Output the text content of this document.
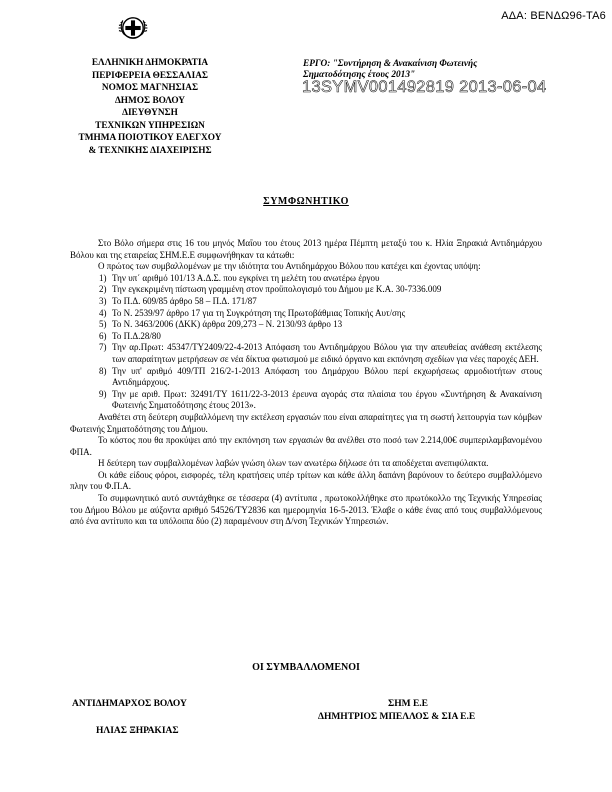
ΑΔΑ: ΒΕΝΔΩ96-ΤΑ6
ΕΛΛΗΝΙΚΗ ΔΗΜΟΚΡΑΤΙΑ
ΠΕΡΙΦΕΡΕΙΑ ΘΕΣΣΑΛΙΑΣ
ΝΟΜΟΣ ΜΑΓΝΗΣΙΑΣ
ΔΗΜΟΣ ΒΟΛΟΥ
ΔΙΕΥΘΥΝΣΗ
ΤΕΧΝΙΚΩΝ ΥΠΗΡΕΣΙΩΝ
ΤΜΗΜΑ ΠΟΙΟΤΙΚΟΥ ΕΛΕΓΧΟΥ
& ΤΕΧΝΙΚΗΣ ΔΙΑΧΕΙΡΙΣΗΣ
ΕΡΓΟ: "Συντήρηση & Ανακαίνιση Φωτεινής
Σηματοδότησης έτους 2013"
13SYMV001492819 2013-06-04
ΣΥΜΦΩΝΗΤΙΚΟ

Στο Βόλο σήμερα στις 16 του μηνός Μαΐου του έτους 2013 ημέρα Πέμπτη μεταξύ του κ. Ηλία Ξηρακιά Αντιδημάρχου Βόλου και της εταιρείας ΣΗΜ.Ε.Ε συμφωνήθηκαν τα κάτωθι:

Ο πρώτος των συμβαλλομένων με την ιδιότητα του Αντιδημάρχου Βόλου που κατέχει και έχοντας υπόψη:

1) Την υπ΄ αριθμό 101/13 Α.Δ.Σ. που εγκρίνει τη μελέτη του ανωτέρω έργου
2) Την εγκεκριμένη πίστωση γραμμένη στον προϋπολογισμό του Δήμου με Κ.Α. 30-7336.009
3) Το Π.Δ. 609/85 άρθρο 58 – Π.Δ. 171/87
4) Το Ν. 2539/97 άρθρο 17 για τη Συγκρότηση της Πρωτοβάθμιας Τοπικής Αυτ/σης
5) Το Ν. 3463/2006 (ΔΚΚ) άρθρα 209,273 – Ν. 2130/93 άρθρο 13
6) Το Π.Δ.28/80
7) Την αρ.Πρωτ: 45347/ΤΥ2409/22-4-2013 Απόφαση του Αντιδημάρχου Βόλου για την απευθείας ανάθεση εκτέλεσης των απαραίτητων μετρήσεων σε νέα δίκτυα φωτισμού με ειδικό όργανο και εκπόνηση σχεδίων για νέες παροχές ΔΕΗ.
8) Την υπ' αριθμό 409/ΤΠ 216/2-1-2013 Απόφαση του Δημάρχου Βόλου περί εκχωρήσεως αρμοδιοτήτων στους Αντιδημάρχους.
9) Την με αριθ. Πρωτ: 32491/ΤΥ 1611/22-3-2013 έρευνα αγοράς στα πλαίσια του έργου «Συντήρηση & Ανακαίνιση Φωτεινής Σηματοδότησης έτους 2013».

Αναθέτει στη δεύτερη συμβαλλόμενη την εκτέλεση εργασιών που είναι απαραίτητες για τη σωστή λειτουργία των κόμβων Φωτεινής Σηματοδότησης του Δήμου.

Το κόστος που θα προκύψει από την εκπόνηση των εργασιών θα ανέλθει στο ποσό των 2.214,00€ συμπεριλαμβανομένου ΦΠΑ.

Η δεύτερη των συμβαλλομένων λαβών γνώση όλων των ανωτέρω δήλωσε ότι τα αποδέχεται ανεπιφύλακτα.

Οι κάθε είδους φόροι, εισφορές, τέλη κρατήσεις υπέρ τρίτων και κάθε άλλη δαπάνη βαρύνουν το δεύτερο συμβαλλόμενο πλην του Φ.Π.Α.

Το συμφωνητικό αυτό συντάχθηκε σε τέσσερα (4) αντίτυπα , πρωτοκολλήθηκε στο πρωτόκολλο της Τεχνικής Υπηρεσίας του Δήμου Βόλου με αύξοντα αριθμό 54526/ΤΥ2836 και ημερομηνία 16-5-2013. Έλαβε ο κάθε ένας από τους συμβαλλόμενους από ένα αντίτυπο και τα υπόλοιπα δύο (2) παραμένουν στη Δ/νση Τεχνικών Υπηρεσιών.

ΟΙ ΣΥΜΒΑΛΛΟΜΕΝΟΙ
ΑΝΤΙΔΗΜΑΡΧΟΣ ΒΟΛΟΥ	ΣΗΜ Ε.Ε
ΔΗΜΗΤΡΙΟΣ ΜΠΕΛΛΟΣ & ΣΙΑ Ε.Ε
ΗΛΙΑΣ ΞΗΡΑΚΙΑΣ
